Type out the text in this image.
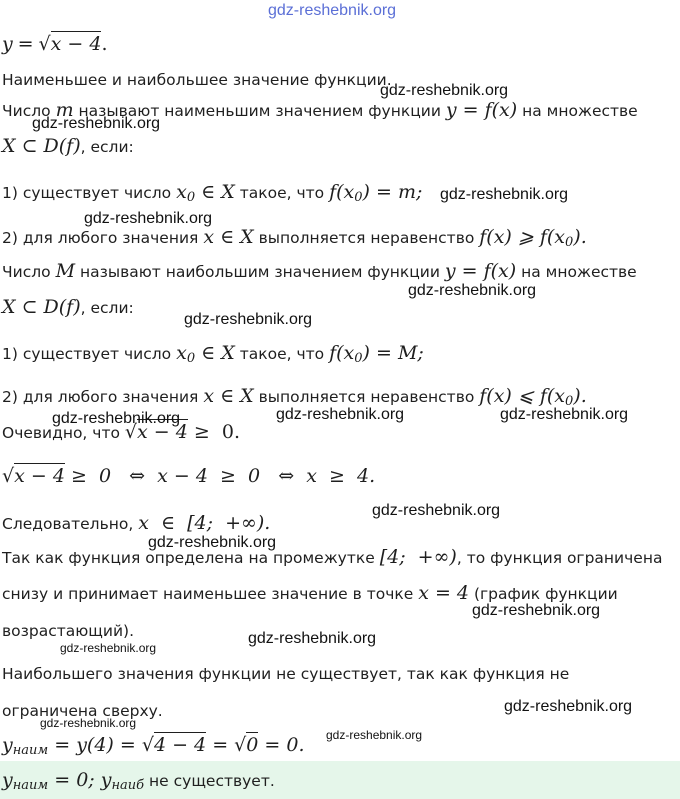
gdz-reshebnik.org
y = √x − 4.
Наименьшее и наибольшее значение функции.
Число m называют наименьшим значением функции y = f(x) на множестве
X ⊂ D(f), если:
1) существует число $x_0$ ∈ X такое, что $f(x_0) = m$;
2) для любого значения x ∈ X выполняется неравенство f(x) ⩾ $f(x_0)$.
Число M называют наибольшим значением функции y = f(x) на множестве
X ⊂ D(f), если:
1) существует число $x_0$ ∈ X такое, что $f(x_0) = M$;
2) для любого значения x ∈ X выполняется неравенство f(x) ⩽ $f(x_0)$.
Очевидно, что √x − 4 ≥  0.
√x − 4 ≥  0   ⇔  x − 4  ≥  0   ⇔  x  ≥  4.
Следовательно, x  ∈  [4;  +∞).
Так как функция определена на промежутке [4;  +∞), то функция ограничена
снизу и принимает наименьшее значение в точке x = 4 (график функции
возрастающий).
Наибольшего значения функции не существует, так как функция не
ограничена сверху.
$y_{наим} = y(4) = √4 - 4 = √0 = 0$.
$y_{наим} = 0$; $y_{наиб}$ не существует.
gdz-reshebnik.org
gdz-reshebnik.org
gdz-reshebnik.org
gdz-reshebnik.org
gdz-reshebnik.org
gdz-reshebnik.org
gdz-reshebnik.org	gdz-reshebnik.org	gdz-reshebnik.org
gdz-reshebnik.org
gdz-reshebnik.org
gdz-reshebnik.org
gdz-reshebnik.org
gdz-reshebnik.org
gdz-reshebnik.org
gdz-reshebnik.org
gdz-reshebnik.org
